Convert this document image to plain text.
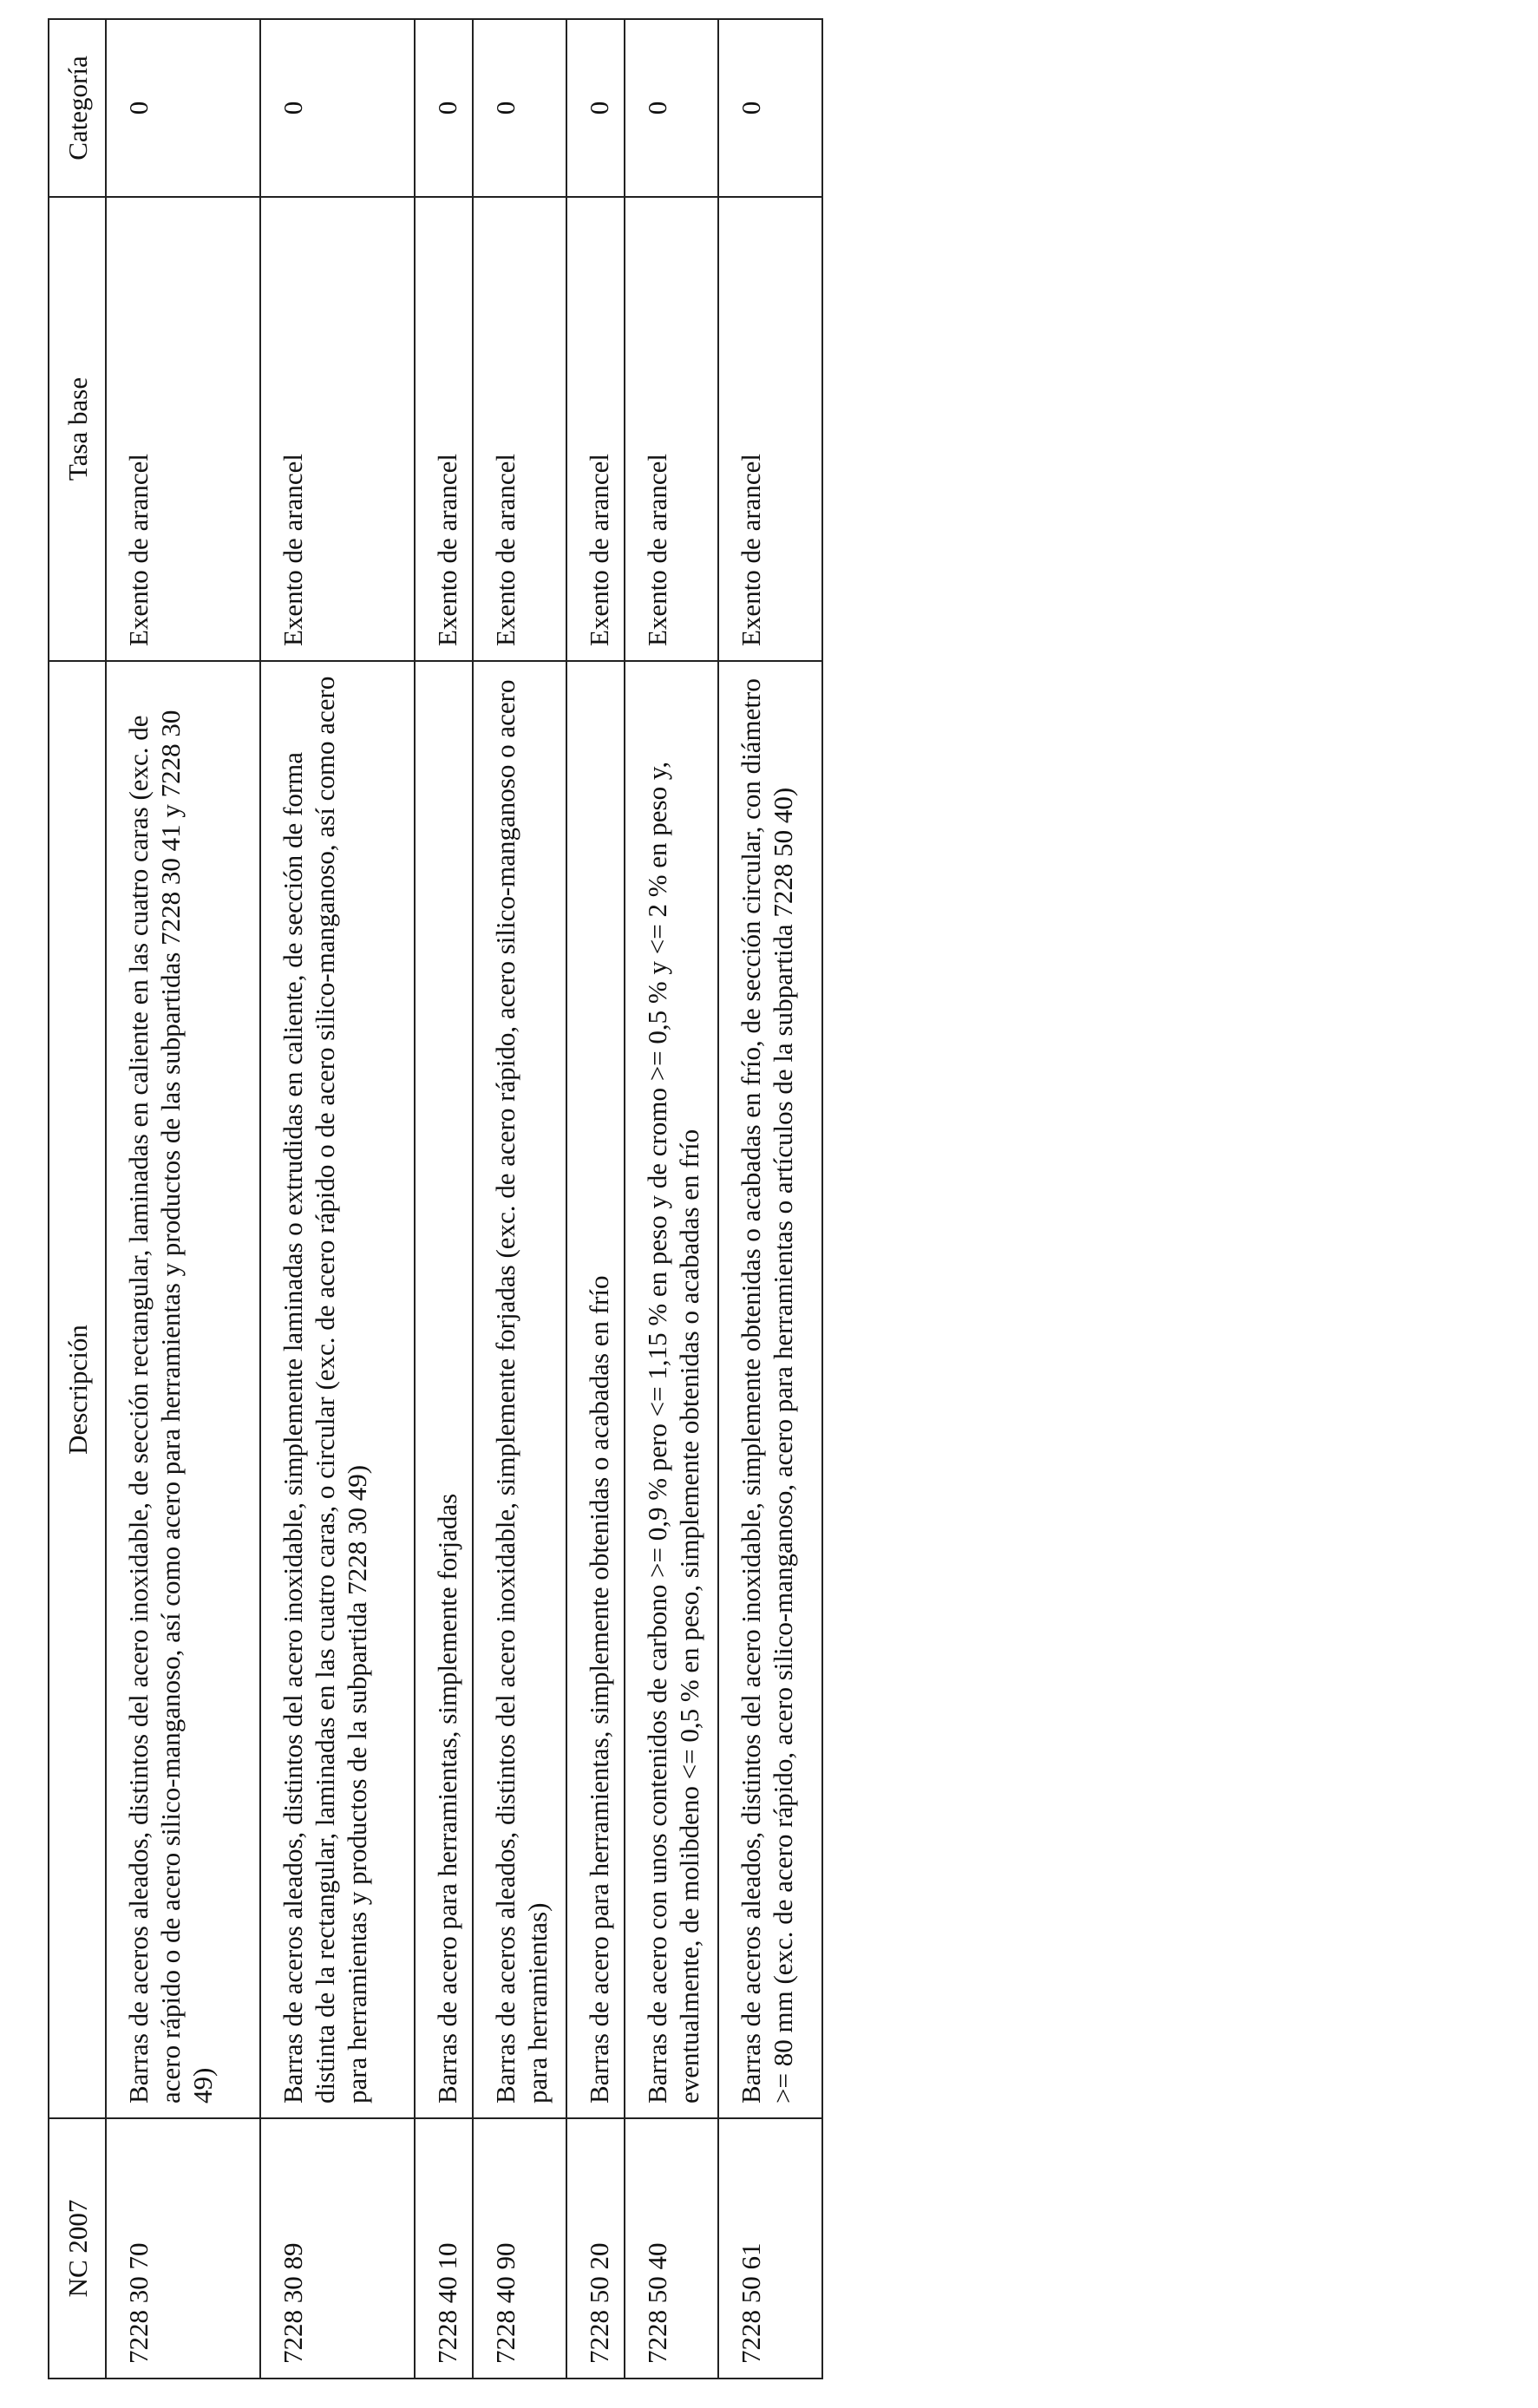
NC 2007	Descripción	Tasa base	Categoría
7228 30 70	Barras de aceros aleados, distintos del acero inoxidable, de sección rectangular, laminadas en caliente en las cuatro caras (exc. de acero rápido o de acero silico-manganoso, así como acero para herramientas y productos de las subpartidas 7228 30 41 y 7228 30 49)	Exento de arancel	0
7228 30 89	Barras de aceros aleados, distintos del acero inoxidable, simplemente laminadas o extrudidas en caliente, de sección de forma distinta de la rectangular, laminadas en las cuatro caras, o circular (exc. de acero rápido o de acero silico-manganoso, así como acero para herramientas y productos de la subpartida 7228 30 49)	Exento de arancel	0
7228 40 10	Barras de acero para herramientas, simplemente forjadas	Exento de arancel	0
7228 40 90	Barras de aceros aleados, distintos del acero inoxidable, simplemente forjadas (exc. de acero rápido, acero silico-manganoso o acero para herramientas)	Exento de arancel	0
7228 50 20	Barras de acero para herramientas, simplemente obtenidas o acabadas en frío	Exento de arancel	0
7228 50 40	Barras de acero con unos contenidos de carbono >= 0,9 % pero <= 1,15 % en peso y de cromo >= 0,5 % y <= 2 % en peso y, eventualmente, de molibdeno <= 0,5 % en peso, simplemente obtenidas o acabadas en frío	Exento de arancel	0
7228 50 61	Barras de aceros aleados, distintos del acero inoxidable, simplemente obtenidas o acabadas en frío, de sección circular, con diámetro >= 80 mm (exc. de acero rápido, acero silico-manganoso, acero para herramientas o artículos de la subpartida 7228 50 40)	Exento de arancel	0
